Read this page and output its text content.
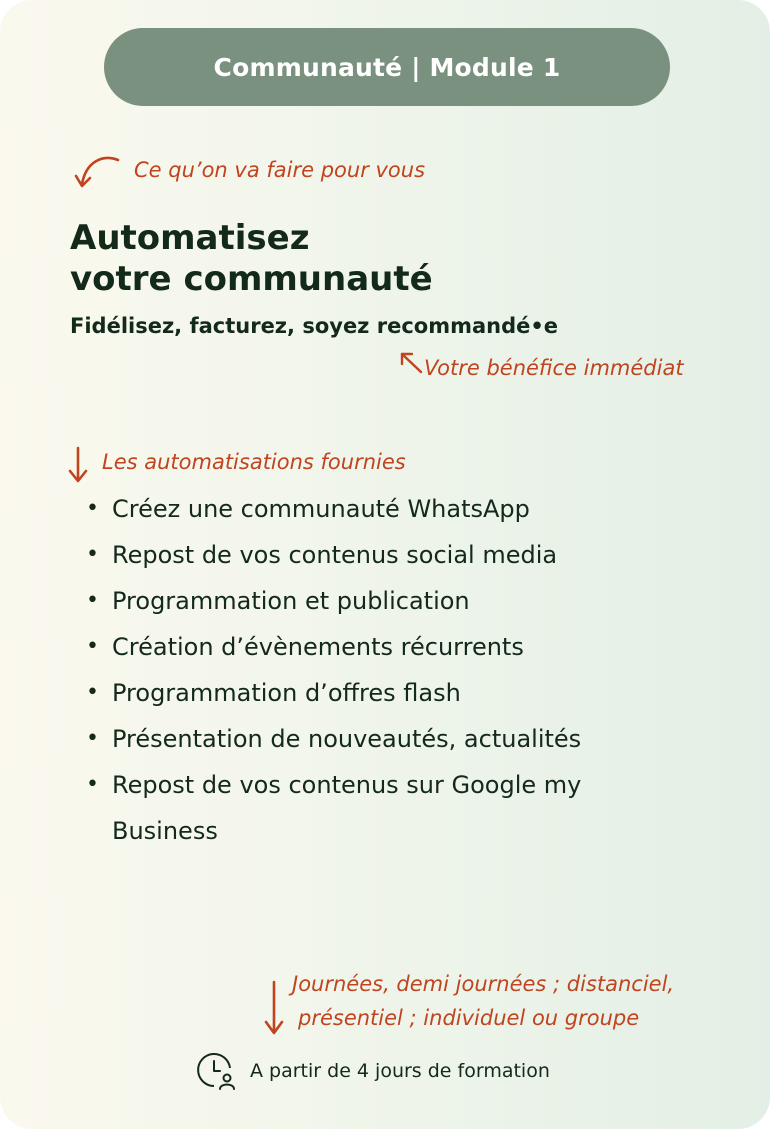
Communauté | Module 1
Ce qu’on va faire pour vous
Automatisez
votre communauté
Fidélisez, facturez, soyez recommandé•e
Votre bénéfice immédiat
Les automatisations fournies
• Créez une communauté WhatsApp
• Repost de vos contenus social media
• Programmation et publication
• Création d’évènements récurrents
• Programmation d’offres flash
• Présentation de nouveautés, actualités
• Repost de vos contenus sur Google my Business
Journées, demi journées ; distanciel,
présentiel ; individuel ou groupe
A partir de 4 jours de formation
